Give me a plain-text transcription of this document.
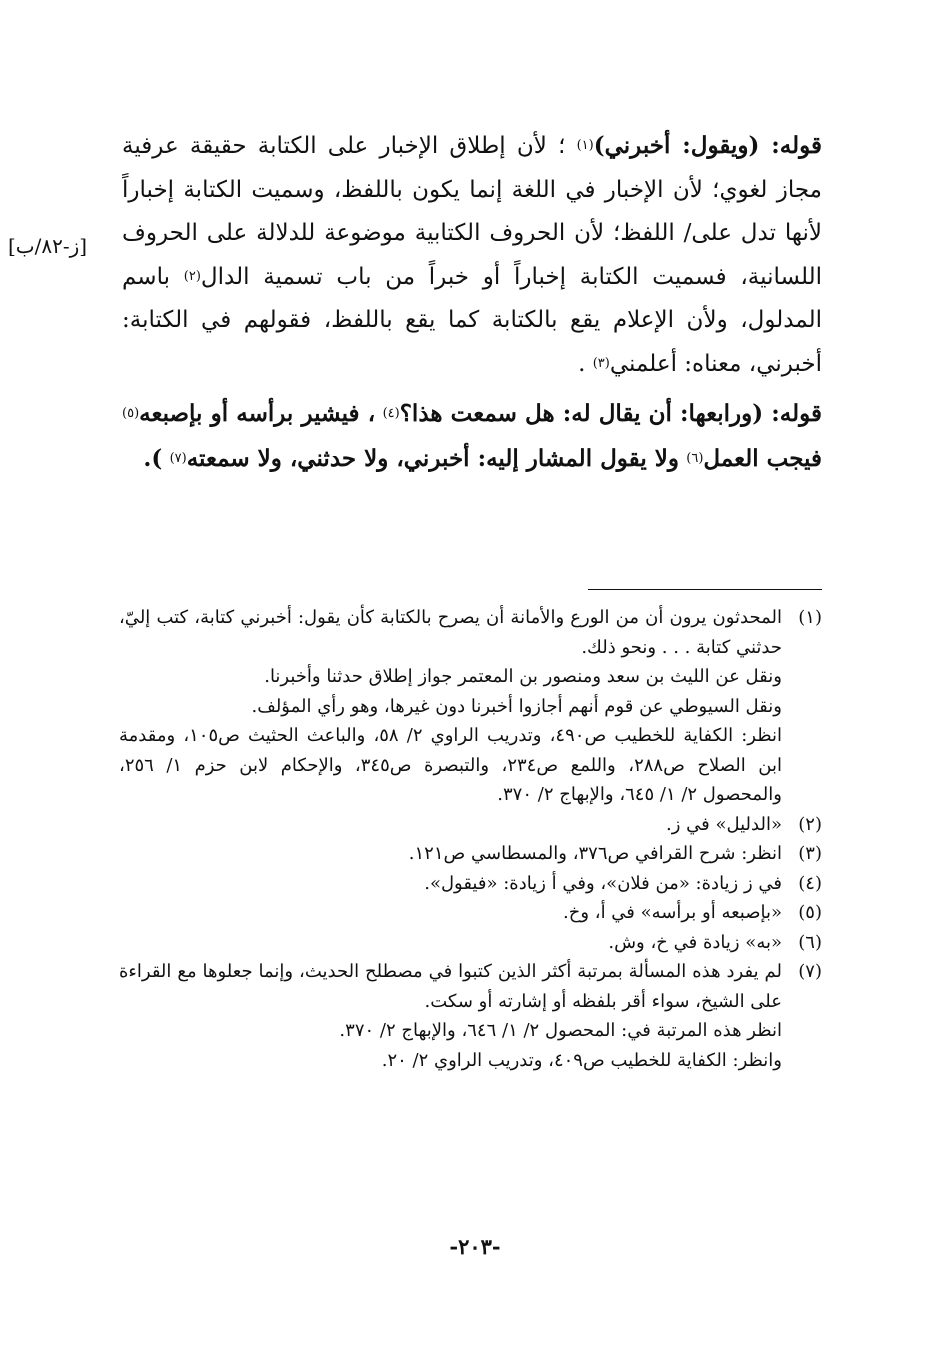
[ز-٨٢/ب]

قوله: (ويقول: أخبرني)$^{(١)}$ ؛ لأن إطلاق الإخبار على الكتابة حقيقة عرفية مجاز لغوي؛ لأن الإخبار في اللغة إنما يكون باللفظ، وسميت الكتابة إخباراً لأنها تدل على/ اللفظ؛ لأن الحروف الكتابية موضوعة للدلالة على الحروف اللسانية، فسميت الكتابة إخباراً أو خبراً من باب تسمية الدال$^{(٢)}$ باسم المدلول، ولأن الإعلام يقع بالكتابة كما يقع باللفظ، فقولهم في الكتابة: أخبرني، معناه: أعلمني$^{(٣)}$ .

قوله: (ورابعها: أن يقال له: هل سمعت هذا؟$^{(٤)}$ ، فيشير برأسه أو بإصبعه$^{(٥)}$ فيجب العمل$^{(٦)}$ ولا يقول المشار إليه: أخبرني، ولا حدثني، ولا سمعته$^{(٧)}$ ).

(١)
المحدثون يرون أن من الورع والأمانة أن يصرح بالكتابة كأن يقول: أخبرني كتابة، كتب إليّ، حدثني كتابة . . . ونحو ذلك.
ونقل عن الليث بن سعد ومنصور بن المعتمر جواز إطلاق حدثنا وأخبرنا.
ونقل السيوطي عن قوم أنهم أجازوا أخبرنا دون غيرها، وهو رأي المؤلف.
انظر: الكفاية للخطيب ص٤٩٠، وتدريب الراوي ٢/ ٥٨، والباعث الحثيث ص١٠٥، ومقدمة ابن الصلاح ص٢٨٨، واللمع ص٢٣٤، والتبصرة ص٣٤٥، والإحكام لابن حزم ١/ ٢٥٦، والمحصول ٢/ ١/ ٦٤٥، والإبهاج ٢/ ٣٧٠.
(٢)
«الدليل» في ز.
(٣)
انظر: شرح القرافي ص٣٧٦، والمسطاسي ص١٢١.
(٤)
في ز زيادة: «من فلان»، وفي أ زيادة: «فيقول».
(٥)
«بإصبعه أو برأسه» في أ، وخ.
(٦)
«به» زيادة في خ، وش.
(٧)
لم يفرد هذه المسألة بمرتبة أكثر الذين كتبوا في مصطلح الحديث، وإنما جعلوها مع القراءة على الشيخ، سواء أقر بلفظه أو إشارته أو سكت.
انظر هذه المرتبة في: المحصول ٢/ ١/ ٦٤٦، والإبهاج ٢/ ٣٧٠.
وانظر: الكفاية للخطيب ص٤٠٩، وتدريب الراوي ٢/ ٢٠.
-٢٠٣-
